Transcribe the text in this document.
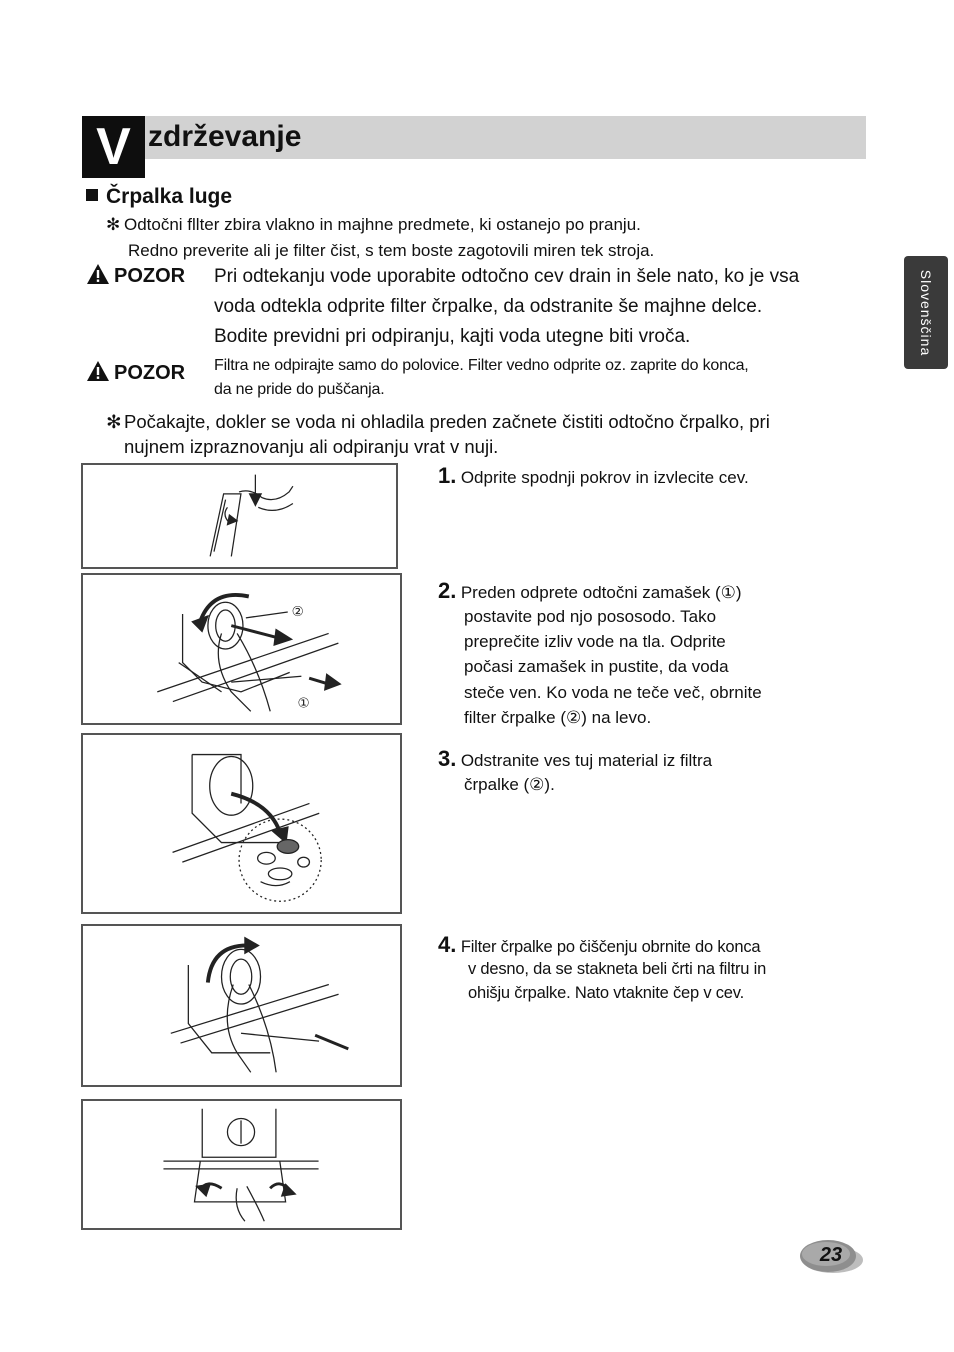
V zdrževanje
Slovenščina
Črpalka luge
✻ Odtočni fllter zbira vlakno in majhne predmete, ki ostanejo po pranju.
Redno preverite ali je filter čist, s tem boste zagotovili miren tek stroja.
POZOR Pri odtekanju vode uporabite odtočno cev drain in šele nato, ko je vsa
voda odtekla odprite filter črpalke, da odstranite še majhne delce.
Bodite previdni pri odpiranju, kajti voda utegne biti vroča.
POZOR Filtra ne odpirajte samo do polovice. Filter vedno odprite oz. zaprite do konca,
da ne pride do puščanja.
✻ Počakajte, dokler se voda ni ohladila preden začnete čistiti odtočno črpalko, pri
nujnem izpraznovanju ali odpiranju vrat v nuji.
②
①
1. Odprite spodnji pokrov in izvlecite cev.
2. Preden odprete odtočni zamašek (①)
postavite pod njo pososodo. Tako
preprečite izliv vode na tla. Odprite
počasi zamašek in pustite, da voda
steče ven. Ko voda ne teče več, obrnite
filter črpalke (②) na levo.
3. Odstranite ves tuj material iz filtra
črpalke (②).
4. Filter črpalke po čiščenju obrnite do konca
v desno, da se stakneta beli črti na filtru in
ohišju črpalke. Nato vtaknite čep v cev.
23
